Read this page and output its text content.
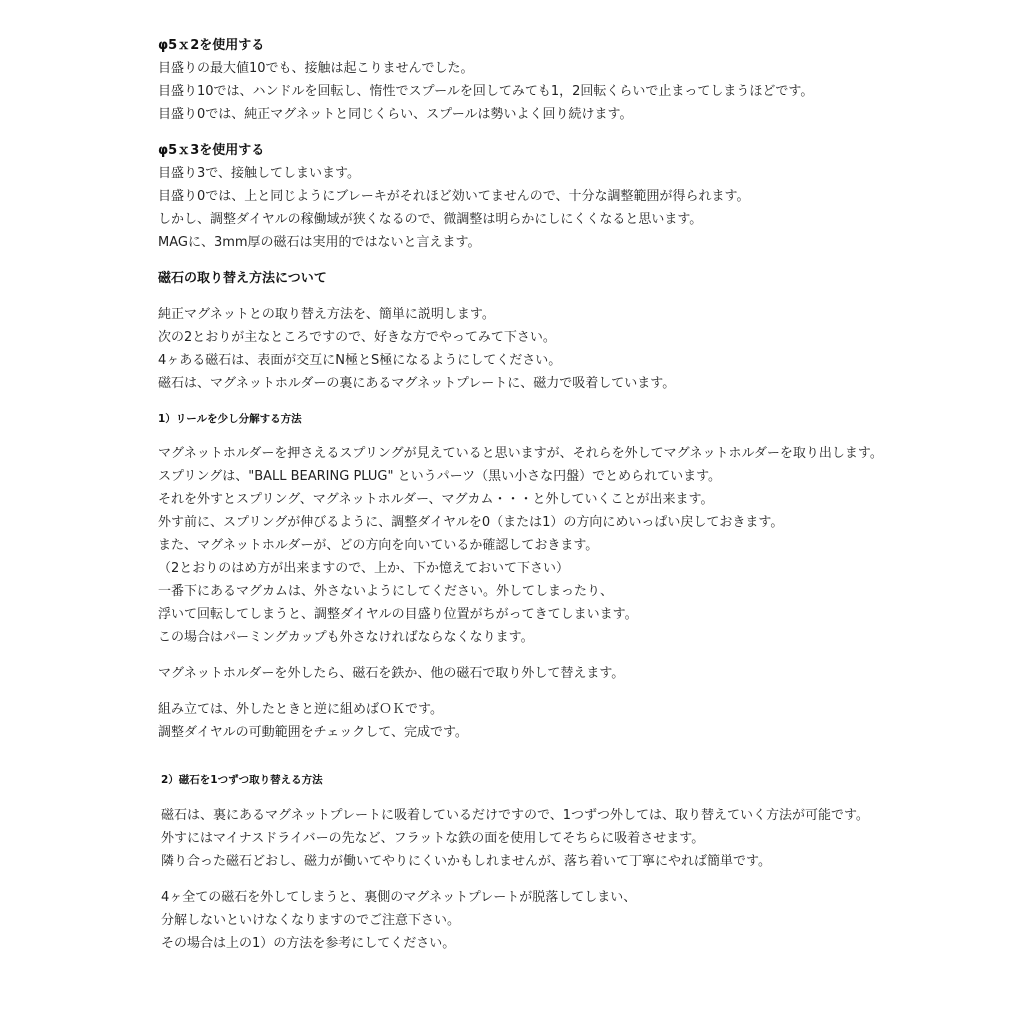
φ5ｘ2を使用する
目盛りの最大値10でも、接触は起こりませんでした。
目盛り10では、ハンドルを回転し、惰性でスプールを回してみても1，2回転くらいで止まってしまうほどです。
目盛り0では、純正マグネットと同じくらい、スプールは勢いよく回り続けます。
φ5ｘ3を使用する
目盛り3で、接触してしまいます。
目盛り0では、上と同じようにブレーキがそれほど効いてませんので、十分な調整範囲が得られます。
しかし、調整ダイヤルの稼働域が狭くなるので、微調整は明らかにしにくくなると思います。
MAGに、3mm厚の磁石は実用的ではないと言えます。
磁石の取り替え方法について
純正マグネットとの取り替え方法を、簡単に説明します。
次の2とおりが主なところですので、好きな方でやってみて下さい。
4ヶある磁石は、表面が交互にN極とS極になるようにしてください。
磁石は、マグネットホルダーの裏にあるマグネットプレートに、磁力で吸着しています。
1）リールを少し分解する方法
マグネットホルダーを押さえるスプリングが見えていると思いますが、それらを外してマグネットホルダーを取り出します。
スプリングは、"BALL BEARING PLUG" というパーツ（黒い小さな円盤）でとめられています。
それを外すとスプリング、マグネットホルダー、マグカム・・・と外していくことが出来ます。
外す前に、スプリングが伸びるように、調整ダイヤルを0（または1）の方向にめいっぱい戻しておきます。
また、マグネットホルダーが、どの方向を向いているか確認しておきます。
（2とおりのはめ方が出来ますので、上か、下か憶えておいて下さい）
一番下にあるマグカムは、外さないようにしてください。外してしまったり、
浮いて回転してしまうと、調整ダイヤルの目盛り位置がちがってきてしまいます。
この場合はパーミングカップも外さなければならなくなります。
マグネットホルダーを外したら、磁石を鉄か、他の磁石で取り外して替えます。
組み立ては、外したときと逆に組めばＯＫです。
調整ダイヤルの可動範囲をチェックして、完成です。
2）磁石を1つずつ取り替える方法
磁石は、裏にあるマグネットプレートに吸着しているだけですので、1つずつ外しては、取り替えていく方法が可能です。
外すにはマイナスドライバーの先など、フラットな鉄の面を使用してそちらに吸着させます。
隣り合った磁石どおし、磁力が働いてやりにくいかもしれませんが、落ち着いて丁寧にやれば簡単です。
4ヶ全ての磁石を外してしまうと、裏側のマグネットプレートが脱落してしまい、
分解しないといけなくなりますのでご注意下さい。
その場合は上の1）の方法を参考にしてください。
